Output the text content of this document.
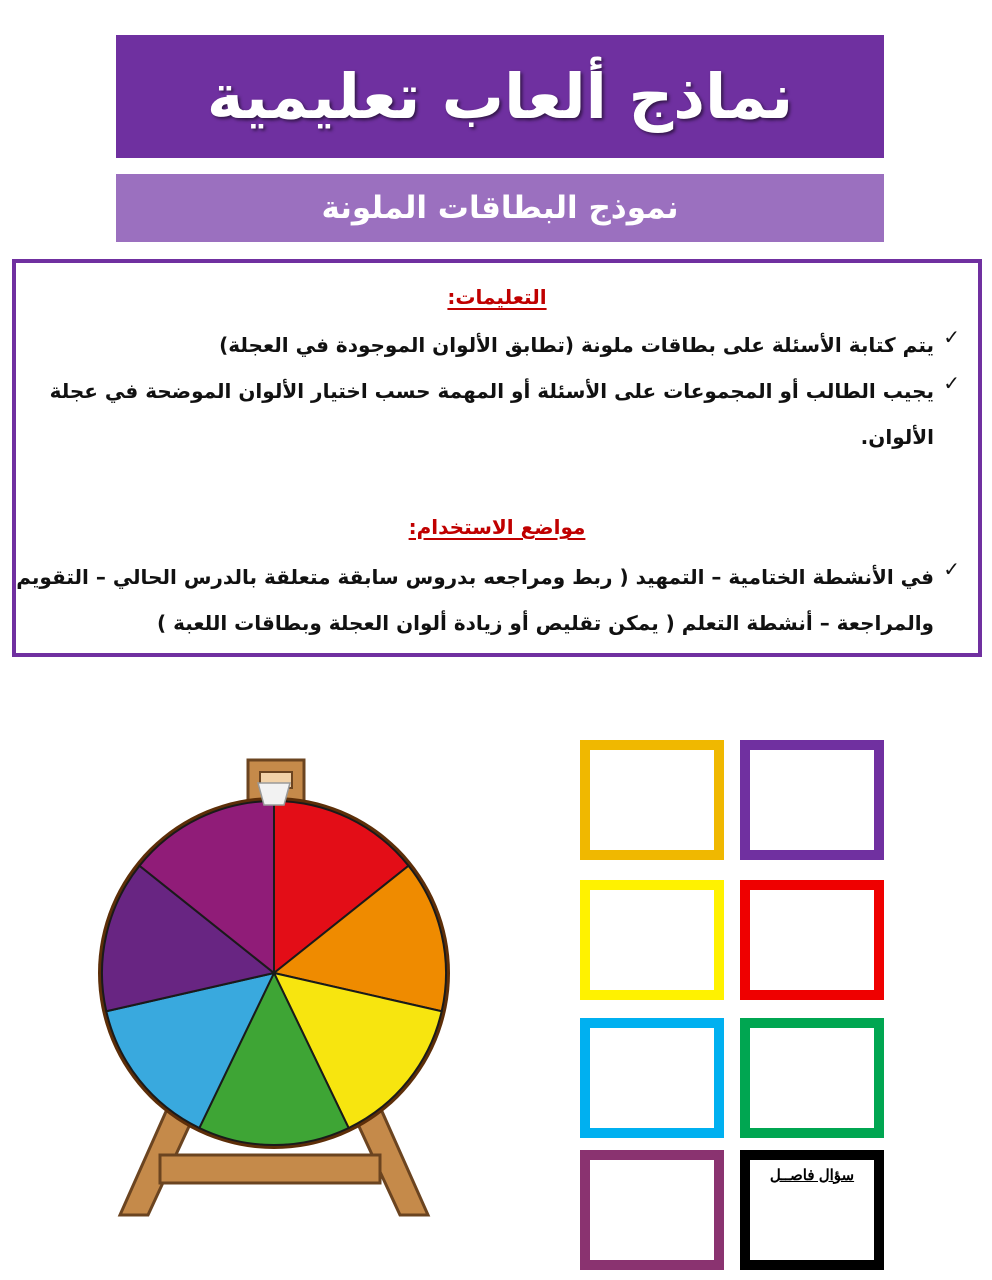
نماذج ألعاب تعليمية
نموذج البطاقات الملونة
التعليمات:
✓
يتم كتابة الأسئلة على بطاقات ملونة (تطابق الألوان الموجودة في العجلة)
✓
يجيب الطالب أو المجموعات على الأسئلة أو المهمة حسب اختيار الألوان الموضحة في عجلة
الألوان.
مواضع الاستخدام:
✓
في الأنشطة الختامية – التمهيد ( ربط ومراجعه بدروس سابقة متعلقة بالدرس الحالي – التقويم
والمراجعة – أنشطة التعلم ( يمكن تقليص أو زيادة ألوان العجلة وبطاقات اللعبة )
سؤال فاصــل
